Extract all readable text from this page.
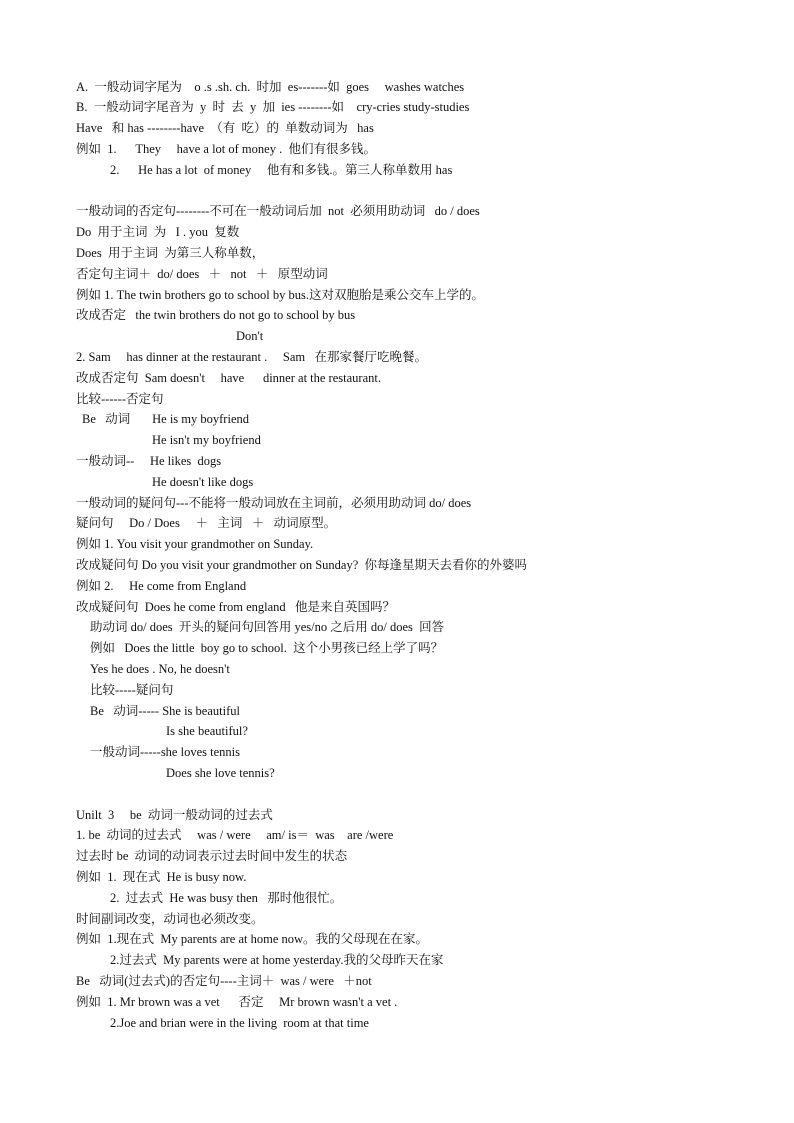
A.  一般动词字尾为    o .s .sh. ch.  时加  es-------如  goes     washes watches
B.  一般动词字尾音为  y  时  去  y  加  ies --------如    cry-cries study-studies
Have   和 has --------have  （有  吃）的  单数动词为   has
例如  1.      They     have a lot of money .  他们有很多钱。
2.      He has a lot  of money     他有和多钱.。第三人称单数用 has
一般动词的否定句--------不可在一般动词后加  not  必须用助动词   do / does
Do  用于主词  为   I . you  复数
Does  用于主词  为第三人称单数，
否定句主词＋  do/ does   ＋   not   ＋   原型动词
例如 1. The twin brothers go to school by bus.这对双胞胎是乘公交车上学的。
改成否定   the twin brothers do not go to school by bus
Don't
2. Sam     has dinner at the restaurant .     Sam   在那家餐厅吃晚餐。
改成否定句  Sam doesn't     have      dinner at the restaurant.
比较------否定句
Be   动词       He is my boyfriend
He isn't my boyfriend
一般动词--     He likes  dogs
He doesn't like dogs
一般动词的疑问句---不能将一般动词放在主词前，必须用助动词 do/ does
疑问句     Do / Does     ＋   主词   ＋   动词原型。
例如 1. You visit your grandmother on Sunday.
改成疑问句 Do you visit your grandmother on Sunday?  你每逢星期天去看你的外婆吗
例如 2.     He come from England
改成疑问句  Does he come from england   他是来自英国吗？
助动词 do/ does  开头的疑问句回答用 yes/no 之后用 do/ does  回答
例如   Does the little  boy go to school.  这个小男孩已经上学了吗？
Yes he does . No, he doesn't
比较-----疑问句
Be   动词----- She is beautiful
Is she beautiful?
一般动词-----she loves tennis
Does she love tennis?
Unilt  3     be  动词一般动词的过去式
1. be  动词的过去式     was / were     am/ is＝  was    are /were
过去时 be  动词的动词表示过去时间中发生的状态
例如  1.  现在式  He is busy now.
2.  过去式  He was busy then   那时他很忙。
时间副词改变，动词也必须改变。
例如  1.现在式  My parents are at home now。我的父母现在在家。
2.过去式  My parents were at home yesterday.我的父母昨天在家
Be   动词(过去式)的否定句----主词＋  was / were   ＋not
例如  1. Mr brown was a vet      否定     Mr brown wasn't a vet .
2.Joe and brian were in the living  room at that time
